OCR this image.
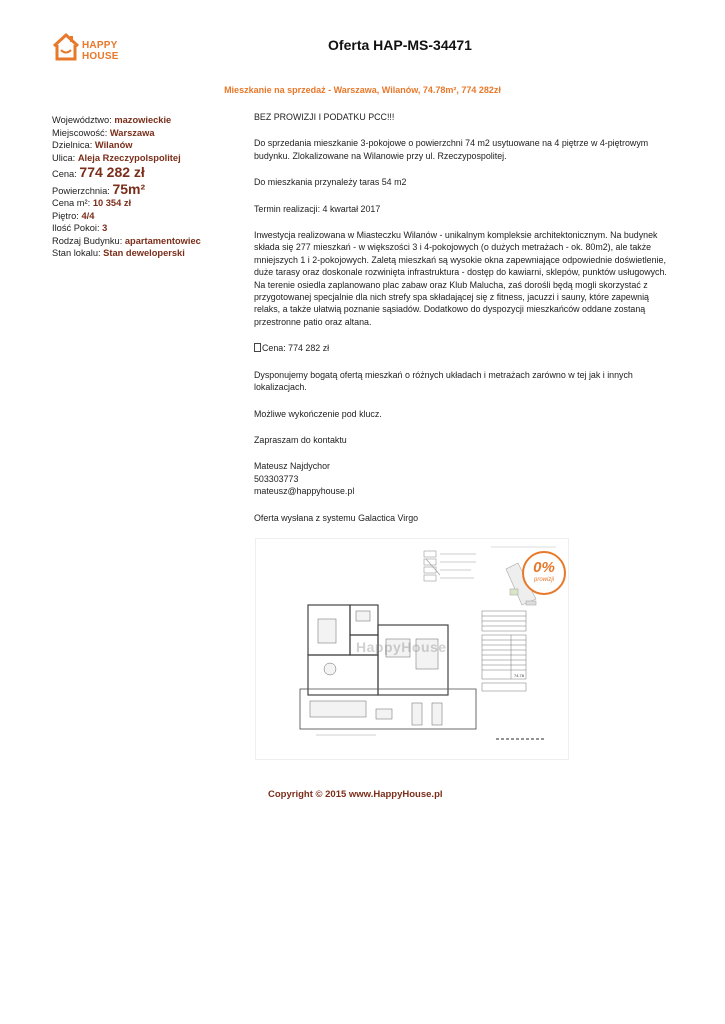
HAPPY
HOUSE
Oferta HAP-MS-34471
Mieszkanie na sprzedaż - Warszawa, Wilanów, 74.78m², 774 282zł
Województwo: mazowieckie
Miejscowość: Warszawa
Dzielnica: Wilanów
Ulica: Aleja Rzeczypolspolitej
Cena: 774 282 zł
Powierzchnia: 75m²
Cena m²: 10 354 zł
Piętro: 4/4
Ilość Pokoi: 3
Rodzaj Budynku: apartamentowiec
Stan lokalu: Stan deweloperski

BEZ PROWIZJI I PODATKU PCC!!!

Do sprzedania mieszkanie 3-pokojowe o powierzchni 74 m2 usytuowane na 4 piętrze w 4-piętrowym budynku. Zlokalizowane na Wilanowie przy ul. Rzeczypospolitej.

Do mieszkania przynależy taras 54 m2

Termin realizacji: 4 kwartał 2017

Inwestycja realizowana w Miasteczku Wilanów - unikalnym kompleksie architektonicznym. Na budynek składa się 277 mieszkań - w większości 3 i 4-pokojowych (o dużych metrażach - ok. 80m2), ale także mniejszych 1 i 2-pokojowych. Zaletą mieszkań są wysokie okna zapewniające odpowiednie doświetlenie, duże tarasy oraz doskonale rozwinięta infrastruktura - dostęp do kawiarni, sklepów, punktów usługowych. Na terenie osiedla zaplanowano plac zabaw oraz Klub Malucha, zaś dorośli będą mogli skorzystać z przygotowanej specjalnie dla nich strefy spa składającej się z fitness, jacuzzi i sauny, które zapewnią relaks, a także ułatwią poznanie sąsiadów. Dodatkowo do dyspozycji mieszkańców oddane zostaną przestronne patio oraz altana.

Cena: 774 282 zł

Dysponujemy bogatą ofertą mieszkań o różnych układach i metrażach zarówno w tej jak i innych lokalizacjach.

Możliwe wykończenie pod klucz.

Zapraszam do kontaktu

Mateusz Najdychor

503303773

mateusz@happyhouse.pl

Oferta wysłana z systemu Galactica Virgo

74.78
HappyHouse
0%
prowizji
Copyright © 2015 www.HappyHouse.pl
